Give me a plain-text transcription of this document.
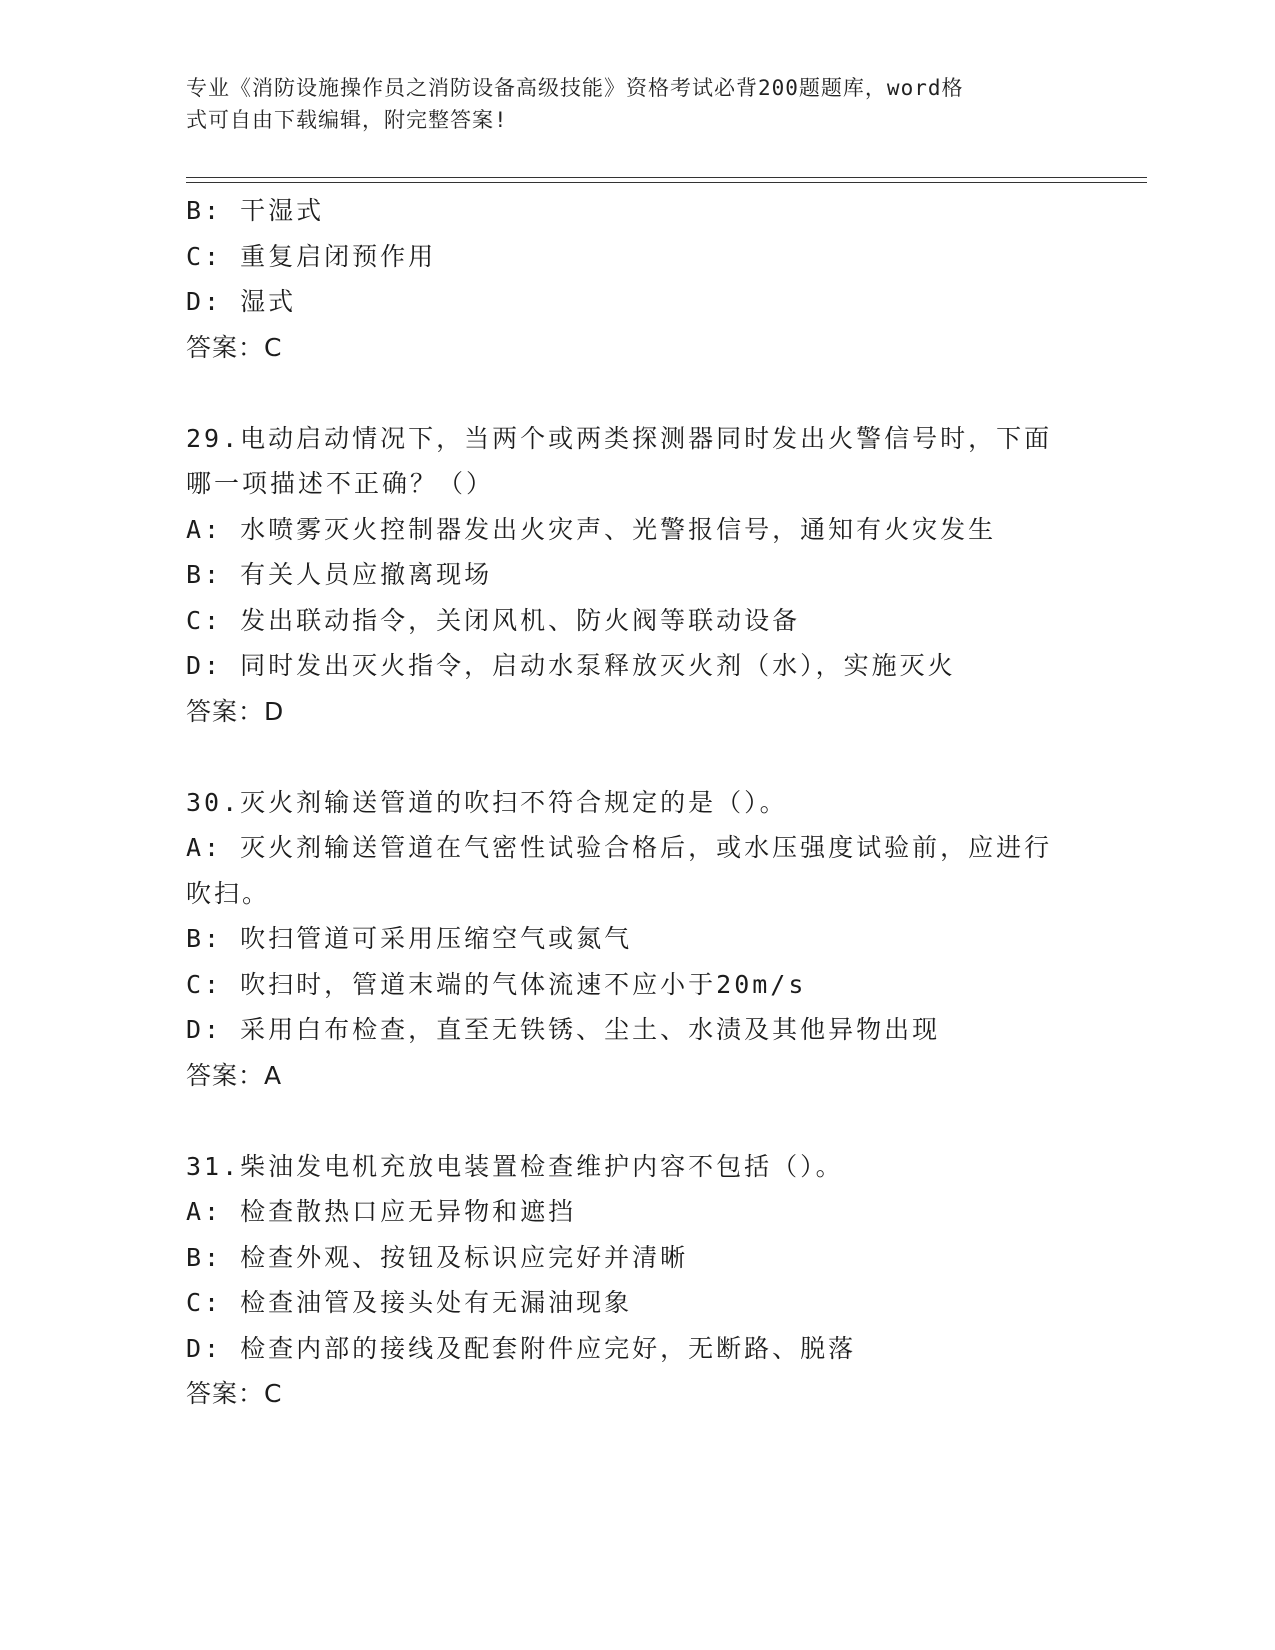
专业《消防设施操作员之消防设备高级技能》资格考试必背200题题库，word格
式可自由下载编辑，附完整答案!
B: 干湿式
C: 重复启闭预作用
D: 湿式
答案：C
29.电动启动情况下，当两个或两类探测器同时发出火警信号时，下面
哪一项描述不正确？（）
A: 水喷雾灭火控制器发出火灾声、光警报信号，通知有火灾发生
B: 有关人员应撤离现场
C: 发出联动指令，关闭风机、防火阀等联动设备
D: 同时发出灭火指令，启动水泵释放灭火剂（水），实施灭火
答案：D
30.灭火剂输送管道的吹扫不符合规定的是（）。
A: 灭火剂输送管道在气密性试验合格后，或水压强度试验前，应进行
吹扫。
B: 吹扫管道可采用压缩空气或氮气
C: 吹扫时，管道末端的气体流速不应小于20m/s
D: 采用白布检查，直至无铁锈、尘土、水渍及其他异物出现
答案：A
31.柴油发电机充放电装置检查维护内容不包括（）。
A: 检查散热口应无异物和遮挡
B: 检查外观、按钮及标识应完好并清晰
C: 检查油管及接头处有无漏油现象
D: 检查内部的接线及配套附件应完好，无断路、脱落
答案：C
